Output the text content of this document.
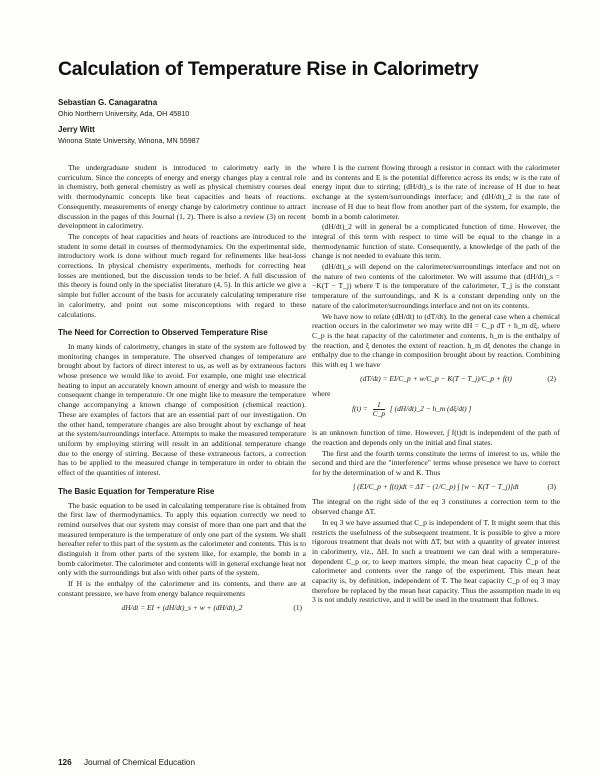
Calculation of Temperature Rise in Calorimetry
Sebastian G. Canagaratna
Ohio Northern University, Ada, OH 45810
Jerry Witt
Winona State University, Winona, MN 55987

The undergraduate student is introduced to calorimetry early in the curriculum. Since the concepts of energy and energy changes play a central role in chemistry, both general chemistry as well as physical chemistry courses deal with thermodynamic concepts like heat capacities and heats of reactions. Consequently, measurements of energy change by calorimetry continue to attract discussion in the pages of this Journal (1, 2). There is also a review (3) on recent development in calorimetry.

The concepts of heat capacities and heats of reactions are introduced to the student in some detail in courses of thermodynamics. On the experimental side, introductory work is done without much regard for refinements like heat-loss corrections. In physical chemistry experiments, methods for correcting heat losses are mentioned, but the discussion tends to be brief. A full discussion of this theory is found only in the specialist literature (4, 5). In this article we give a simple but fuller account of the basis for accurately calculating temperature rise in calorimetry, and point out some misconceptions with regard to these calculations.

The Need for Correction to Observed Temperature Rise

In many kinds of calorimetry, changes in state of the system are followed by monitoring changes in temperature. The observed changes of temperature are brought about by factors of direct interest to us, as well as by extraneous factors whose presence we would like to avoid. For example, one might use electrical heating to input an accurately known amount of energy and wish to measure the consequent change in temperature. Or one might like to measure the temperature change accompanying a known change of composition (chemical reaction). These are examples of factors that are an essential part of our investigation. On the other hand, temperature changes are also brought about by exchange of heat at the system/surroundings interface. Attempts to make the measured temperature uniform by employing stirring will result in an additional temperature change due to the energy of stirring. Because of these extraneous factors, a correction has to be applied to the measured change in temperature in order to obtain the effect of the quantities of interest.

The Basic Equation for Temperature Rise

The basic equation to be used in calculating temperature rise is obtained from the first law of thermodynamics. To apply this equation correctly we need to remind ourselves that our system may consist of more than one part and that the measured temperature is the temperature of only one part of the system. We shall hereafter refer to this part of the system as the calorimeter and contents. This is to distinguish it from other parts of the system like, for example, the bomb in a bomb calorimeter. The calorimeter and contents will in general exchange heat not only with the surroundings but also with other parts of the system.

If H is the enthalpy of the calorimeter and its contents, and there are at constant pressure, we have from energy balance requirements

dH/dt = EI + (dH/dt)_s + w + (dH/dt)_2	(1)

where I is the current flowing through a resistor in contact with the calorimeter and its contents and E is the potential difference across its ends; w is the rate of energy input due to stirring; (dH/dt)_s is the rate of increase of H due to heat exchange at the system/surroundings interface; and (dH/dt)_2 is the rate of increase of H due to heat flow from another part of the system, for example, the bomb in a bomb calorimeter.

(dH/dt)_2 will in general be a complicated function of time. However, the integral of this term with respect to time will be equal to the change in a thermodynamic function of state. Consequently, a knowledge of the path of the change is not needed to evaluate this term.

(dH/dt)_s will depend on the calorimeter/surroundings interface and not on the nature of two contents of the calorimeter. We will assume that (dH/dt)_s = −K(T − T_j) where T is the temperature of the calorimeter, T_j is the constant temperature of the surroundings, and K is a constant depending only on the nature of the calorimeter/surroundings interface and not on its contents.

We have now to relate (dH/dt) to (dT/dt). In the general case when a chemical reaction occurs in the calorimeter we may write dH = C_p dT + h_m dξ, where C_p is the heat capacity of the calorimeter and contents, h_m is the enthalpy of the reaction, and ξ denotes the extent of reaction. h_m dξ denotes the change in enthalpy due to the change in composition brought about by reaction. Combining this with eq 1 we have

(dT/dt) = EI/C_p + w/C_p − K(T − T_j)/C_p + f(t)	(2)

where

$f(t) = \frac{1}{C\_p}$ [ (dH/dt)_2 − h_m (dξ/dt) ]

is an unknown function of time. However, ∫ f(t)dt is independent of the path of the reaction and depends only on the initial and final states.

The first and the fourth terms constitute the terms of interest to us, while the second and third are the "interference" terms whose presence we have to correct for by the determination of w and K. Thus

∫ (EI/C_p + f(t))dt = ΔT − (1/C_p) ∫ [w − K(T − T_j)]dt	(3)

The integral on the right side of the eq 3 constitutes a correction term to the observed change ΔT.

In eq 3 we have assumed that C_p is independent of T. It might seem that this restricts the usefulness of the subsequent treatment. It is possible to give a more rigorous treatment that deals not with ΔT, but with a quantity of greater interest in calorimetry, viz., ΔH. In such a treatment we can deal with a temperature-dependent C_p or, to keep matters simple, the mean heat capacity C̄_p of the calorimeter and contents over the range of the experiment. This mean heat capacity is, by definition, independent of T. The heat capacity C_p of eq 3 may therefore be replaced by the mean heat capacity. Thus the assumption made in eq 3 is not unduly restrictive, and it will be used in the treatment that follows.

126 Journal of Chemical Education
